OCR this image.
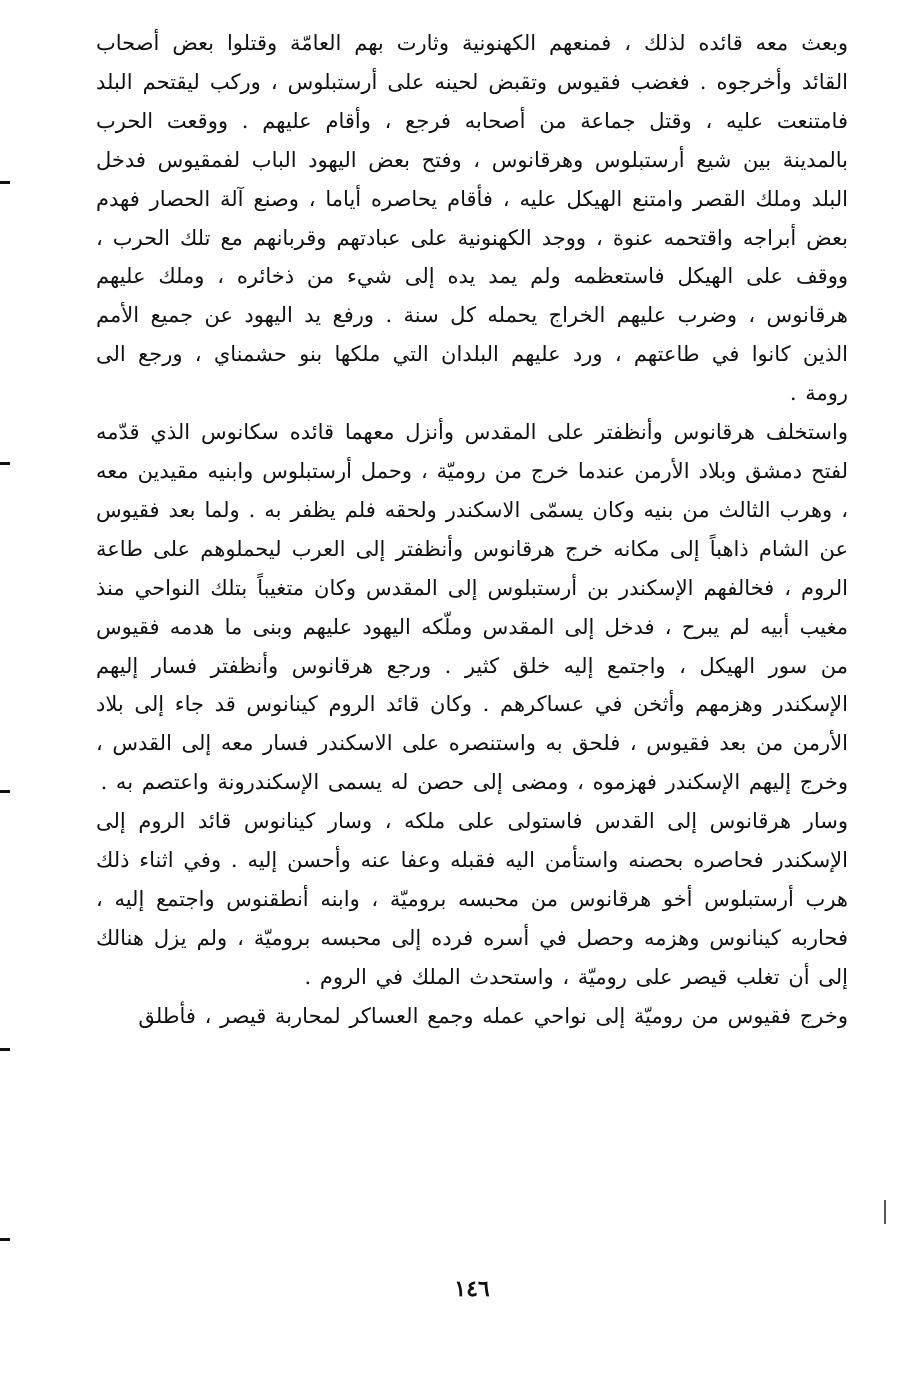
وبعث معه قائده لذلك ، فمنعهم الكهنونية وثارت بهم العامّة وقتلوا بعض أصحاب القائد وأخرجوه . فغضب فقيوس وتقبض لحينه على أرستبلوس ، وركب ليقتحم البلد فامتنعت عليه ، وقتل جماعة من أصحابه فرجع ، وأقام عليهم . ووقعت الحرب بالمدينة بين شيع أرستبلوس وهرقانوس ، وفتح بعض اليهود الباب لفمقيوس فدخل البلد وملك القصر وامتنع الهيكل عليه ، فأقام يحاصره أياما ، وصنع آلة الحصار فهدم بعض أبراجه واقتحمه عنوة ، ووجد الكهنونية على عبادتهم وقربانهم مع تلك الحرب ، ووقف على الهيكل فاستعظمه ولم يمد يده إلى شيء من ذخائره ، وملك عليهم هرقانوس ، وضرب عليهم الخراج يحمله كل سنة . ورفع يد اليهود عن جميع الأمم الذين كانوا في طاعتهم ، ورد عليهم البلدان التي ملكها بنو حشمناي ، ورجع الى رومة .

واستخلف هرقانوس وأنظفتر على المقدس وأنزل معهما قائده سكانوس الذي قدّمه لفتح دمشق وبلاد الأرمن عندما خرج من روميّة ، وحمل أرستبلوس وابنيه مقيدين معه ، وهرب الثالث من بنيه وكان يسمّى الاسكندر ولحقه فلم يظفر به . ولما بعد فقيوس عن الشام ذاهباً إلى مكانه خرج هرقانوس وأنظفتر إلى العرب ليحملوهم على طاعة الروم ، فخالفهم الإسكندر بن أرستبلوس إلى المقدس وكان متغيباً بتلك النواحي منذ مغيب أبيه لم يبرح ، فدخل إلى المقدس وملّكه اليهود عليهم وبنى ما هدمه فقيوس من سور الهيكل ، واجتمع إليه خلق كثير . ورجع هرقانوس وأنظفتر فسار إليهم الإسكندر وهزمهم وأثخن في عساكرهم . وكان قائد الروم كينانوس قد جاء إلى بلاد الأرمن من بعد فقيوس ، فلحق به واستنصره على الاسكندر فسار معه إلى القدس ، وخرج إليهم الإسكندر فهزموه ، ومضى إلى حصن له يسمى الإسكندرونة واعتصم به .

وسار هرقانوس إلى القدس فاستولى على ملكه ، وسار كينانوس قائد الروم إلى الإسكندر فحاصره بحصنه واستأمن اليه فقبله وعفا عنه وأحسن إليه . وفي اثناء ذلك هرب أرستبلوس أخو هرقانوس من محبسه بروميّة ، وابنه أنطقنوس واجتمع إليه ، فحاربه كينانوس وهزمه وحصل في أسره فرده إلى محبسه بروميّة ، ولم يزل هنالك إلى أن تغلب قيصر على روميّة ، واستحدث الملك في الروم .

وخرج فقيوس من روميّة إلى نواحي عمله وجمع العساكر لمحاربة قيصر ، فأطلق

١٤٦
